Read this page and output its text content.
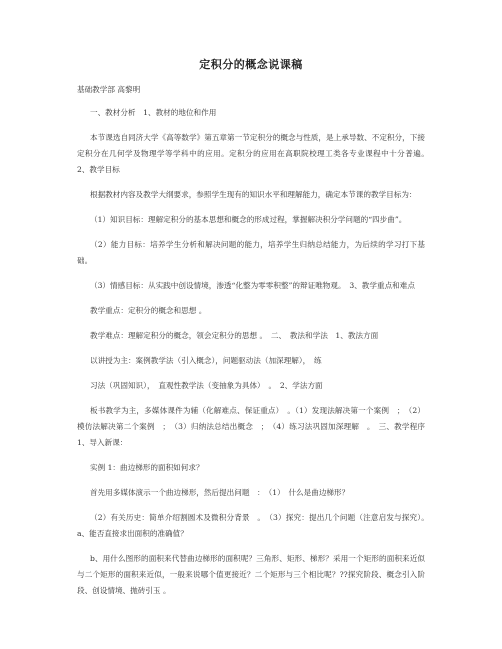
定积分的概念说课稿

基础教学部 高黎明

一、教材分析　1、教材的地位和作用

本节课选自同济大学《高等数学》第五章第一节定积分的概念与性质，是上承导数、不定积分，下接定积分在几何学及物理学等学科中的应用。定积分的应用在高职院校理工类各专业课程中十分普遍。　2、教学目标

根据教材内容及教学大纲要求，参照学生现有的知识水平和理解能力，确定本节课的教学目标为：

（1）知识目标：理解定积分的基本思想和概念的形成过程，掌握解决积分学问题的“四步曲”。

（2）能力目标：培养学生分析和解决问题的能力，培养学生归纳总结能力，为后续的学习打下基础。

（3）情感目标：从实践中创设情境，渗透“化整为零零积整”的辩证唯物观。　3、教学重点和难点

教学重点：定积分的概念和思想 。

教学难点：理解定积分的概念，领会定积分的思想 。　二、　教法和学法　1、教法方面

以讲授为主：案例教学法（引入概念），问题驱动法（加深理解），　练

习法（巩固知识），　直观性教学法（变抽象为具体）　。　2、学法方面

板书教学为主，多媒体课件为辅（化解难点、保证重点）　。（1）发现法解决第一个案例　；　（2）模仿法解决第二个案例　；　（3）归纳法总结出概念　；　（4）练习法巩固加深理解　。　三、教学程序　1、导入新课：

实例 1：曲边梯形的面积如何求？

首先用多媒体演示一个曲边梯形，然后提出问题　：　（1）　什么是曲边梯形？

（2）有关历史：简单介绍割圆术及微积分背景　。　（3）探究：提出几个问题（注意启发与探究）。　a、能否直接求出面积的准确值？

b、用什么图形的面积来代替曲边梯形的面积呢？三角形、矩形、梯形？采用一个矩形的面积来近似与二个矩形的面积来近似，一般来说哪个值更接近？二个矩形与三个相比呢？??探究阶段、概念引入阶段、创设情境、抛砖引玉 。
